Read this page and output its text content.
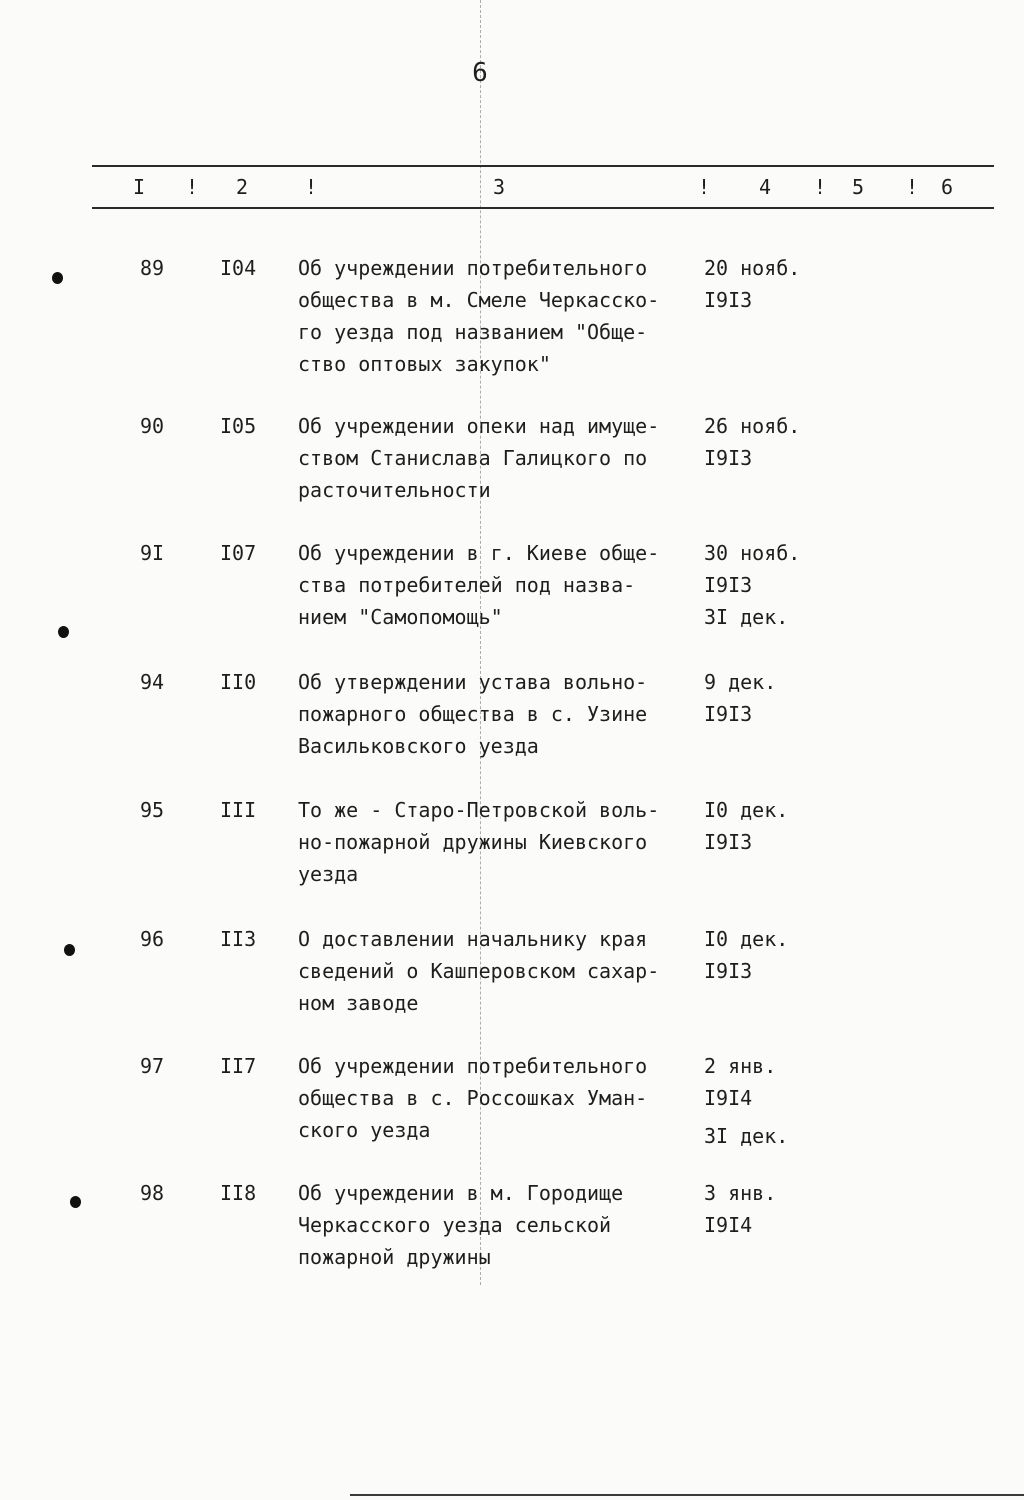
6
I ! 2	!	3	! 4 ! 5 ! 6
89	I04 Об учреждении потребительного
общества в м. Смеле Черкасско-
го уезда под названием "Обще-
ство оптовых закупок"
20 нояб.
I9I3
90	I05 Об учреждении опеки над имуще-
ством Станислава Галицкого по
расточительности
26 нояб.
I9I3
9I	I07 Об учреждении в г. Киеве обще-
ства потребителей под назва-
нием "Самопомощь"
30 нояб.
I9I3
3I дек.
94	II0 Об утверждении устава вольно-
пожарного общества в с. Узине
Васильковского уезда
9 дек.
I9I3
95	III То же - Старо-Петровской воль-
но-пожарной дружины Киевского
уезда
I0 дек.
I9I3
96	II3 О доставлении начальнику края
сведений о Кашперовском сахар-
ном заводе
I0 дек.
I9I3
97	II7 Об учреждении потребительного
общества в с. Россошках Уман-
ского уезда
2 янв.
I9I4
3I дек.
98	II8 Об учреждении в м. Городище
Черкасского уезда сельской
пожарной дружины
3 янв.
I9I4
